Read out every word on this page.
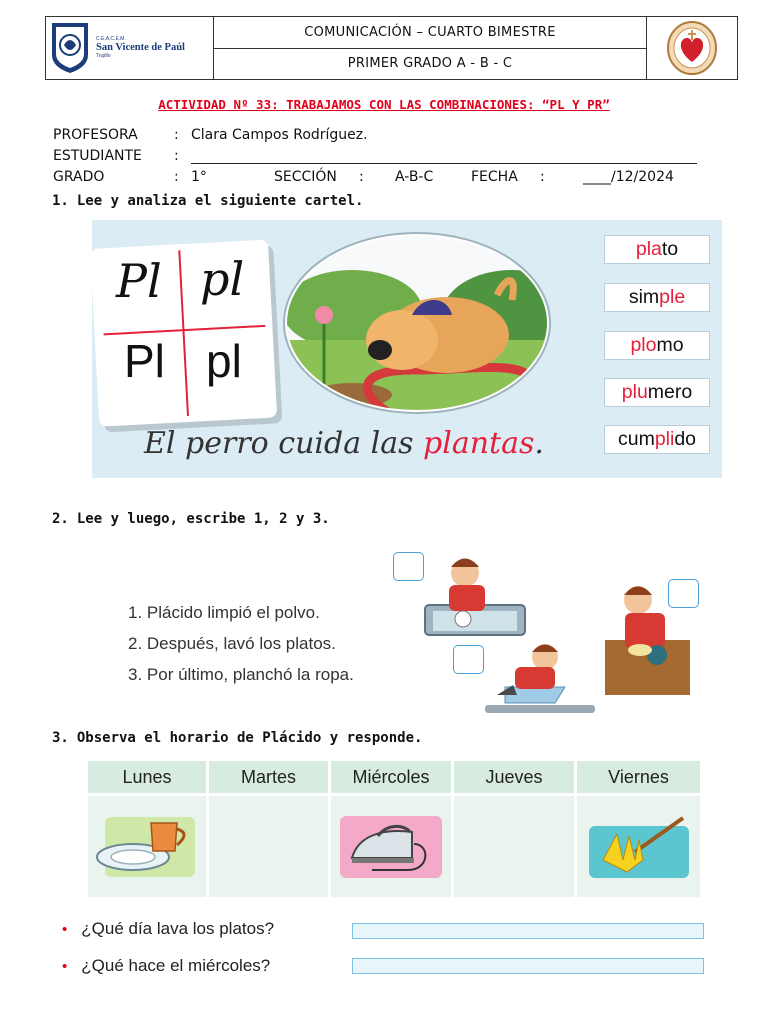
C.E.A.C.E.M.
San Vicente de Paúl
Trujillo
COMUNICACIÓN – CUARTO BIMESTRE
PRIMER GRADO A - B - C
ACTIVIDAD Nº 33: TRABAJAMOS CON LAS COMBINACIONES: “PL Y PR”
PROFESORA	: Clara Campos Rodríguez.
ESTUDIANTE :
GRADO	: 1°	SECCIÓN : A-B-C	FECHA :	____/12/2024
1. Lee y analiza el siguiente cartel.
Pl pl
Pl pl
El perro cuida las plantas.
pla to
sim ple
plo mo
plu mero
cum pli do
2. Lee y luego, escribe 1, 2 y 3.
1. Plácido limpió el polvo.
2. Después, lavó los platos.
3. Por último, planchó la ropa.
3. Observa el horario de Plácido y responde.
Lunes	Martes	Miércoles	Jueves	Viernes
• ¿Qué día lava los platos?
• ¿Qué hace el miércoles?
